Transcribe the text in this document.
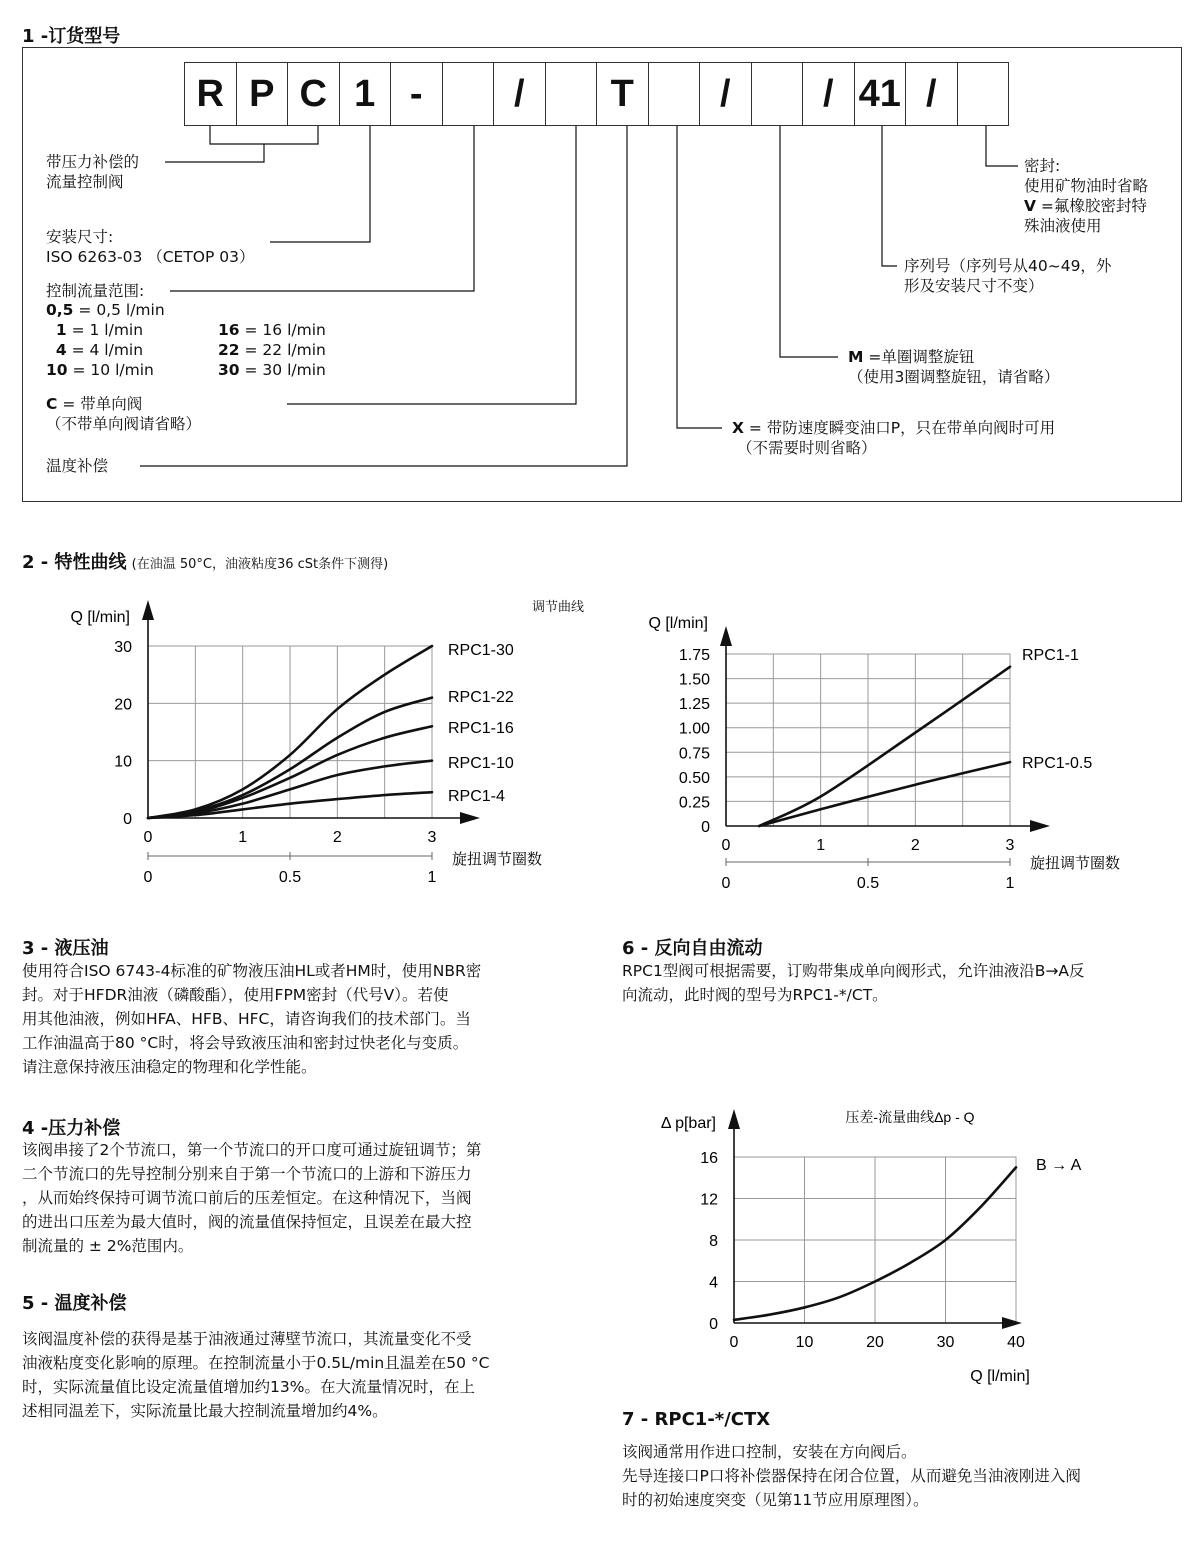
1 -订货型号
R P C 1 -	/	T	/	/ 41 /
带压力补偿的
流量控制阀
安装尺寸:
ISO 6263-03 （CETOP 03）
控制流量范围:
0,5 = 0,5 l/min
1 = 1 l/min
4 = 4 l/min
10 = 10 l/min
16 = 16 l/min
22 = 22 l/min
30 = 30 l/min
C = 带单向阀
（不带单向阀请省略）
温度补偿
密封:
使用矿物油时省略
V =氟橡胶密封特
殊油液使用
序列号（序列号从40~49，外
形及安装尺寸不变）
M =单圈调整旋钮
（使用3圈调整旋钮，请省略）
X = 带防速度瞬变油口P，只在带单向阀时可用
（不需要时则省略）
2 - 特性曲线 (在油温 50°C，油液粘度36 cSt条件下测得)
调节曲线
0
10
20
30
0	1	2	3
Q [l/min]
旋扭调节圈数
0	0.5	1
RPC1-30
RPC1-22
RPC1-16
RPC1-10
RPC1-4
0
0.25
0.50
0.75
1.00
1.25
1.50
1.75
0	1	2	3
Q [l/min]
旋扭调节圈数
0	0.5	1
RPC1-1
RPC1-0.5
0
4
8
12
16
0	10	20	30	40
Δ p[bar]
Q [l/min]
压差-流量曲线Δp - Q
B → A
3 - 液压油
使用符合ISO 6743-4标准的矿物液压油HL或者HM时，使用NBR密
封。对于HFDR油液（磷酸酯），使用FPM密封（代号V）。若使
用其他油液，例如HFA、HFB、HFC，请咨询我们的技术部门。当
工作油温高于80 °C时，将会导致液压油和密封过快老化与变质。
请注意保持液压油稳定的物理和化学性能。
4 -压力补偿
该阀串接了2个节流口，第一个节流口的开口度可通过旋钮调节；第
二个节流口的先导控制分别来自于第一个节流口的上游和下游压力
，从而始终保持可调节流口前后的压差恒定。在这种情况下，当阀
的进出口压差为最大值时，阀的流量值保持恒定，且误差在最大控
制流量的 ± 2%范围内。
5 - 温度补偿
该阀温度补偿的获得是基于油液通过薄壁节流口，其流量变化不受
油液粘度变化影响的原理。在控制流量小于0.5L/min且温差在50 °C
时，实际流量值比设定流量值增加约13%。在大流量情况时，在上
述相同温差下，实际流量比最大控制流量增加约4%。
6 - 反向自由流动
RPC1型阀可根据需要，订购带集成单向阀形式，允许油液沿B→A反
向流动，此时阀的型号为RPC1-*/CT。
7 - RPC1-*/CTX
该阀通常用作进口控制，安装在方向阀后。
先导连接口P口将补偿器保持在闭合位置，从而避免当油液刚进入阀
时的初始速度突变（见第11节应用原理图）。
